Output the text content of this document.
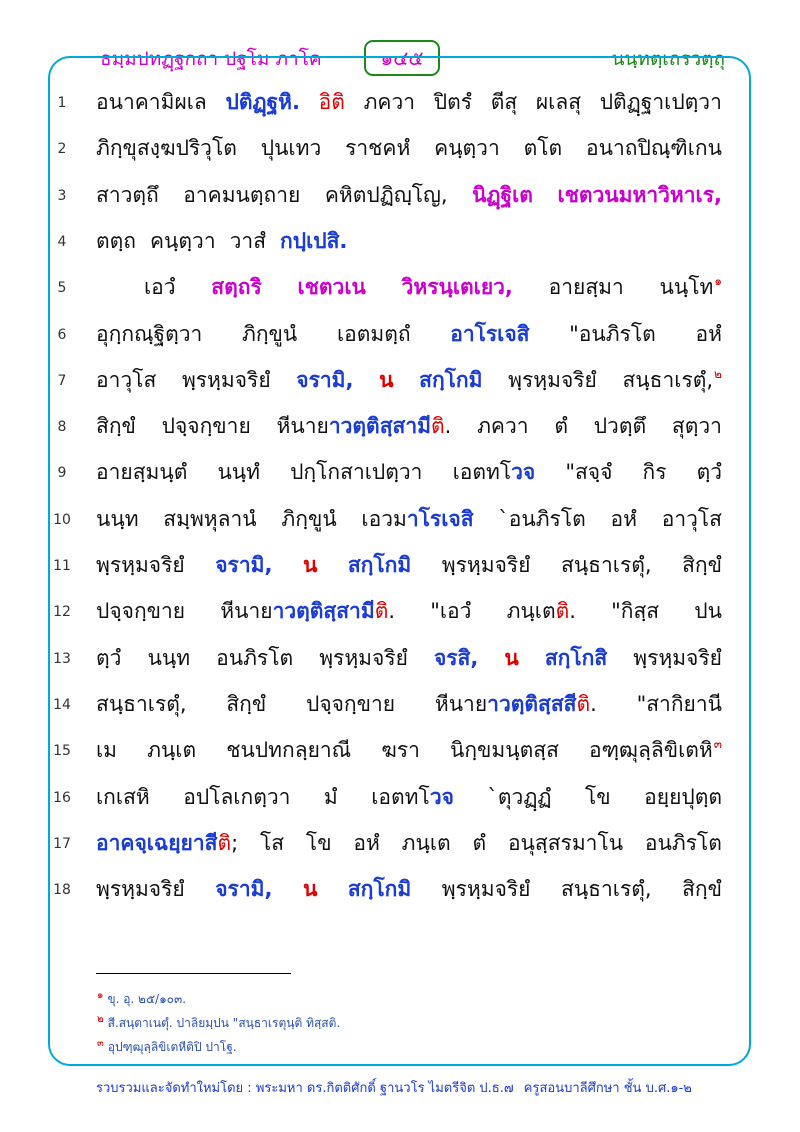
ธมฺมปทฏฺฐกถา ปฐโม ภาโค	๑๔๕	นนฺทตฺเถรวตฺถุ
1	อนาคามิผเล ปติฏฺฐหิ. อิติ ภควา ปิตรํ ตีสุ ผเลสุ ปติฏฺฐาเปตฺวา
2	ภิกฺขุสงฺฆปริวุโต ปุนเทว ราชคหํ คนฺตฺวา ตโต อนาถปิณฺฑิเกน
3	สาวตฺถึ อาคมนตฺถาย คหิตปฏิญฺโญ, นิฏฺฐิเต เชตวนมหาวิหาเร,
4	ตตฺถ คนฺตฺวา วาสํ กปฺเปสิ.
5	เอวํ สตฺถริ เชตวเน วิหรนฺเตเยว, อายสฺมา นนฺโท$^๑$
6	อุกฺกณฺฐิตฺวา ภิกฺขูนํ เอตมตฺถํ อาโรเจสิ "อนภิรโต อหํ
7	อาวุโส พฺรหฺมจริยํ จรามิ, น สกฺโกมิ พฺรหฺมจริยํ สนฺธาเรตุํ,$^๒$
8	สิกฺขํ ปจฺจกฺขาย หีนายาวตฺติสฺสามีติ. ภควา ตํ ปวตฺตึ สุตฺวา
9	อายสฺมนฺตํ นนฺทํ ปกฺโกสาเปตฺวา เอตทโวจ "สจฺจํ กิร ตฺวํ
10 นนฺท สมฺพหุลานํ ภิกฺขูนํ เอวมาโรเจสิ `อนภิรโต อหํ อาวุโส
11 พฺรหฺมจริยํ จรามิ, น สกฺโกมิ พฺรหฺมจริยํ สนฺธาเรตุํ, สิกฺขํ
12 ปจฺจกฺขาย หีนายาวตฺติสฺสามีติ. "เอวํ ภนฺเตติ. "กิสฺส ปน
13 ตฺวํ นนฺท อนภิรโต พฺรหฺมจริยํ จรสิ, น สกฺโกสิ พฺรหฺมจริยํ
14 สนฺธาเรตุํ, สิกฺขํ ปจฺจกฺขาย หีนายาวตฺติสฺสสีติ. "สากิยานี
15 เม ภนฺเต ชนปทกลฺยาณี ฆรา นิกฺขมนฺตสฺส อฑฺฒุลฺลิขิเตหิ$^๓$
16 เกเสหิ อปโลเกตฺวา มํ เอตทโวจ `ตุวฏฺฏํ โข อยฺยปุตฺต
17 อาคจฺเฉยฺยาสีติ; โส โข อหํ ภนฺเต ตํ อนุสฺสรมาโน อนภิรโต
18 พฺรหฺมจริยํ จรามิ, น สกฺโกมิ พฺรหฺมจริยํ สนฺธาเรตุํ, สิกฺขํ
$^๑$ ขุ. อุ. ๒๕/๑๐๓.
$^๒$ สี.สนฺตาเนตุํ. ปาลิยมฺปน "สนฺธาเรตุนฺติ ทิสฺสติ.
$^๓$ อุปฑฺฒุลฺลิขิเตหีติปิ ปาโฐ.
รวบรวมและจัดทำใหม่โดย : พระมหา ดร.กิตติศักดิ์ ฐานวโร ไมตรีจิต ป.ธ.๗ ครูสอนบาลีศึกษา ชั้น บ.ศ.๑-๒
